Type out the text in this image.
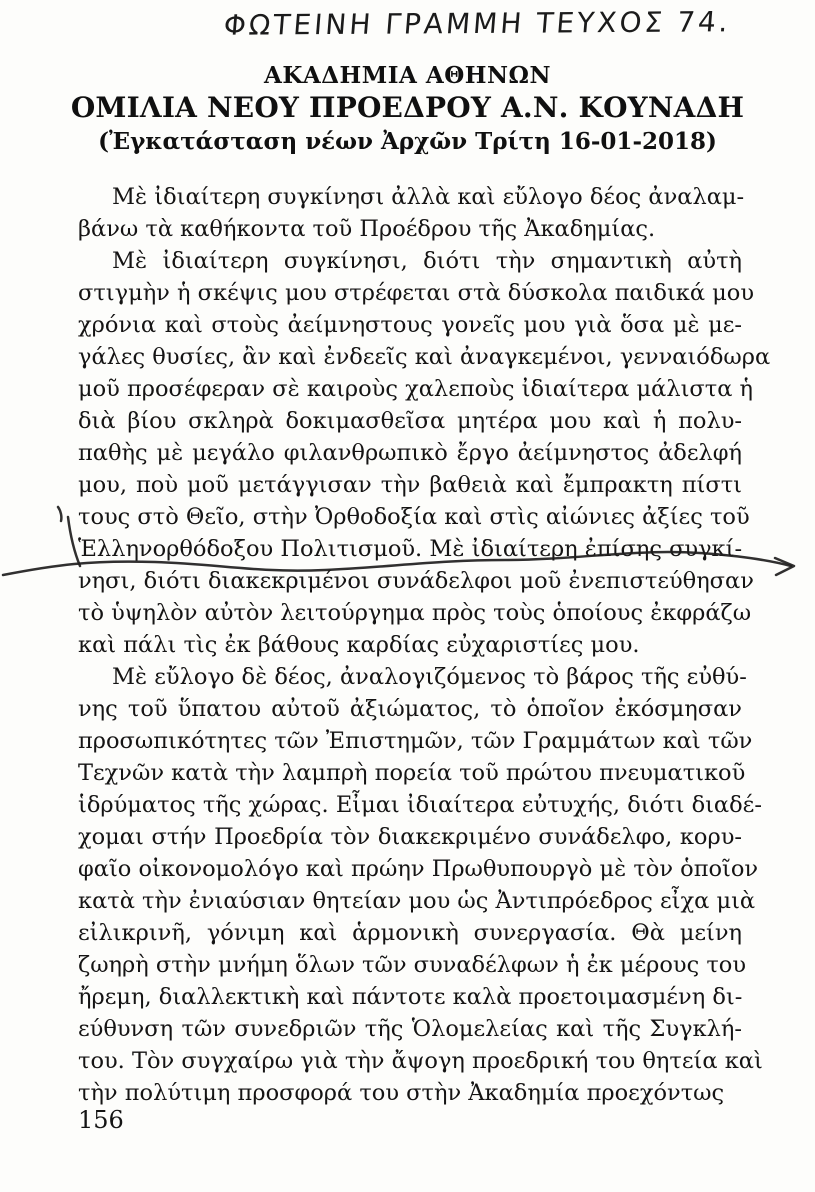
ΦΩΤΕΙΝΗ ΓΡΑΜΜΗ ΤΕΥΧΟΣ 74.
ΑΚΑΔΗΜΙΑ ΑΘΗΝΩΝ
ΟΜΙΛΙΑ ΝΕΟΥ ΠΡΟΕΔΡΟΥ Α.Ν. ΚΟΥΝΑΔΗ
(Ἐγκατάσταση νέων Ἀρχῶν Τρίτη 16-01-2018)
Μὲ ἰδιαίτερη συγκίνησι ἀλλὰ καὶ εὔλογο δέος ἀναλαμ-
βάνω τὰ καθήκοντα τοῦ Προέδρου τῆς Ἀκαδημίας.
Μὲ ἰδιαίτερη συγκίνησι, διότι τὴν σημαντικὴ αὐτὴ
στιγμὴν ἡ σκέψις μου στρέφεται στὰ δύσκολα παιδικά μου
χρόνια καὶ στοὺς ἀείμνηστους γονεῖς μου γιὰ ὅσα μὲ με-
γάλες θυσίες, ἂν καὶ ἐνδεεῖς καὶ ἀναγκεμένοι, γενναιόδωρα
μοῦ προσέφεραν σὲ καιροὺς χαλεποὺς ἰδιαίτερα μάλιστα ἡ
διὰ βίου σκληρὰ δοκιμασθεῖσα μητέρα μου καὶ ἡ πολυ-
παθὴς μὲ μεγάλο φιλανθρωπικὸ ἔργο ἀείμνηστος ἀδελφή
μου, ποὺ μοῦ μετάγγισαν τὴν βαθειὰ καὶ ἔμπρακτη πίστι
τους στὸ Θεῖο, στὴν Ὀρθοδοξία καὶ στὶς αἰώνιες ἀξίες τοῦ
Ἑλληνορθόδοξου Πολιτισμοῦ. Μὲ ἰδιαίτερη ἐπίσης συγκί-
νησι, διότι διακεκριμένοι συνάδελφοι μοῦ ἐνεπιστεύθησαν
τὸ ὑψηλὸν αὐτὸν λειτούργημα πρὸς τοὺς ὁποίους ἐκφράζω
καὶ πάλι τὶς ἐκ βάθους καρδίας εὐχαριστίες μου.
Μὲ εὔλογο δὲ δέος, ἀναλογιζόμενος τὸ βάρος τῆς εὐθύ-
νης τοῦ ὕπατου αὐτοῦ ἀξιώματος, τὸ ὁποῖον ἐκόσμησαν
προσωπικότητες τῶν Ἐπιστημῶν, τῶν Γραμμάτων καὶ τῶν
Τεχνῶν κατὰ τὴν λαμπρὴ πορεία τοῦ πρώτου πνευματικοῦ
ἱδρύματος τῆς χώρας. Εἶμαι ἰδιαίτερα εὐτυχής, διότι διαδέ-
χομαι στήν Προεδρία τὸν διακεκριμένο συνάδελφο, κορυ-
φαῖο οἰκονομολόγο καὶ πρώην Πρωθυπουργὸ μὲ τὸν ὁποῖον
κατὰ τὴν ἐνιαύσιαν θητείαν μου ὡς Ἀντιπρόεδρος εἶχα μιὰ
εἰλικρινῆ, γόνιμη καὶ ἁρμονικὴ συνεργασία. Θὰ μείνη
ζωηρὴ στὴν μνήμη ὅλων τῶν συναδέλφων ἡ ἐκ μέρους του
ἤρεμη, διαλλεκτικὴ καὶ πάντοτε καλὰ προετοιμασμένη δι-
εύθυνση τῶν συνεδριῶν τῆς Ὁλομελείας καὶ τῆς Συγκλή-
του. Τὸν συγχαίρω γιὰ τὴν ἄψογη προεδρική του θητεία καὶ
τὴν πολύτιμη προσφορά του στὴν Ἀκαδημία προεχόντως
156
